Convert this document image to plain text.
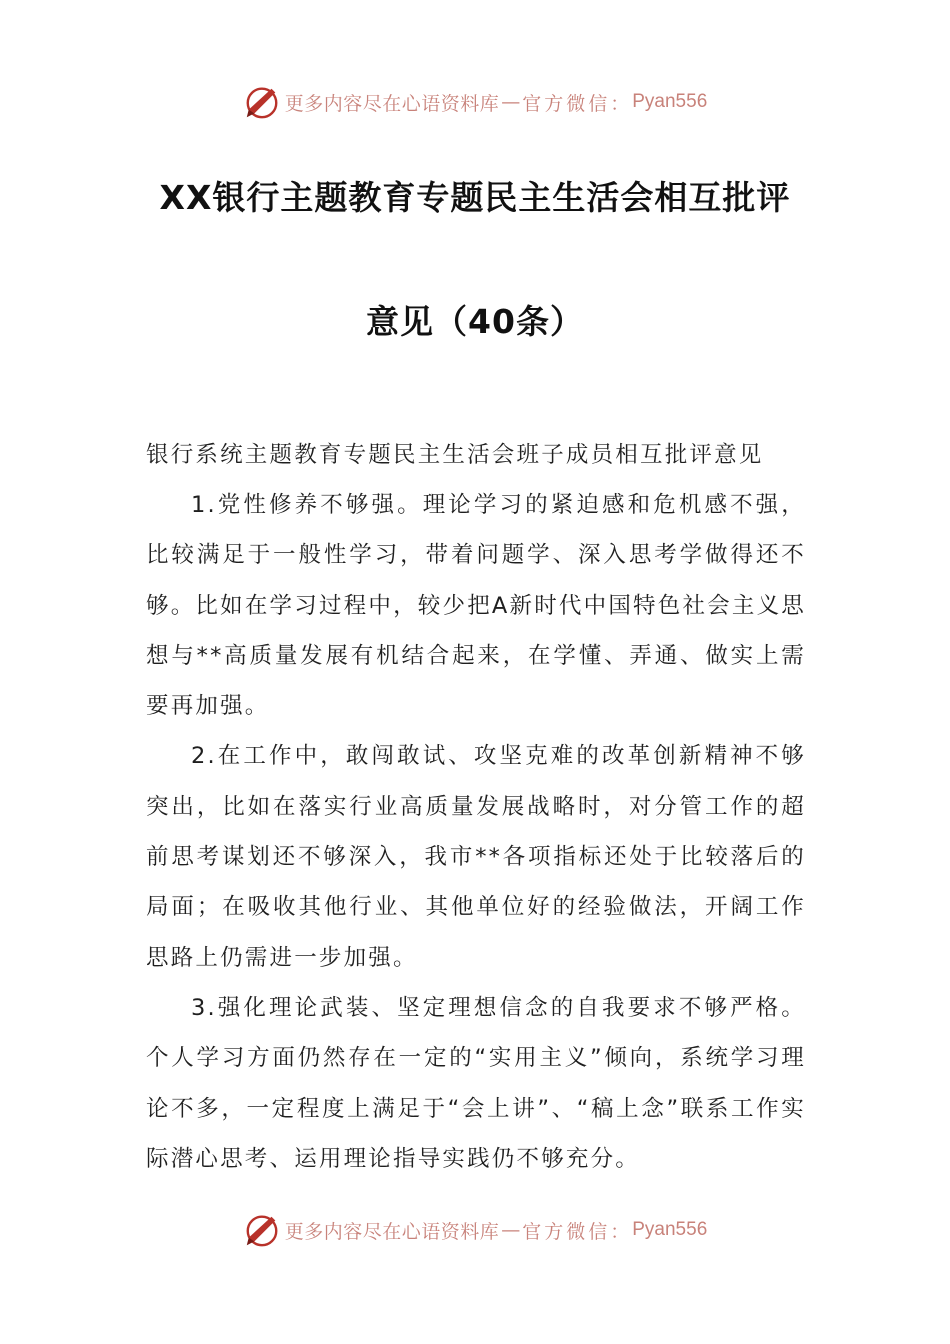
更多内容尽在心语资料库 — 官方微信： Pyan556
XX银行主题教育专题民主生活会相互批评
意见（40条）
银行系统主题教育专题民主生活会班子成员相互批评意见

1.党性修养不够强。理论学习的紧迫感和危机感不强，比较满足于一般性学习，带着问题学、深入思考学做得还不够。比如在学习过程中，较少把A新时代中国特色社会主义思想与**高质量发展有机结合起来，在学懂、弄通、做实上需要再加强。

2.在工作中，敢闯敢试、攻坚克难的改革创新精神不够突出，比如在落实行业高质量发展战略时，对分管工作的超前思考谋划还不够深入，我市**各项指标还处于比较落后的局面；在吸收其他行业、其他单位好的经验做法，开阔工作思路上仍需进一步加强。

3.强化理论武装、坚定理想信念的自我要求不够严格。个人学习方面仍然存在一定的“实用主义”倾向，系统学习理论不多，一定程度上满足于“会上讲”、“稿上念”联系工作实际潜心思考、运用理论指导实践仍不够充分。

更多内容尽在心语资料库 — 官方微信： Pyan556
